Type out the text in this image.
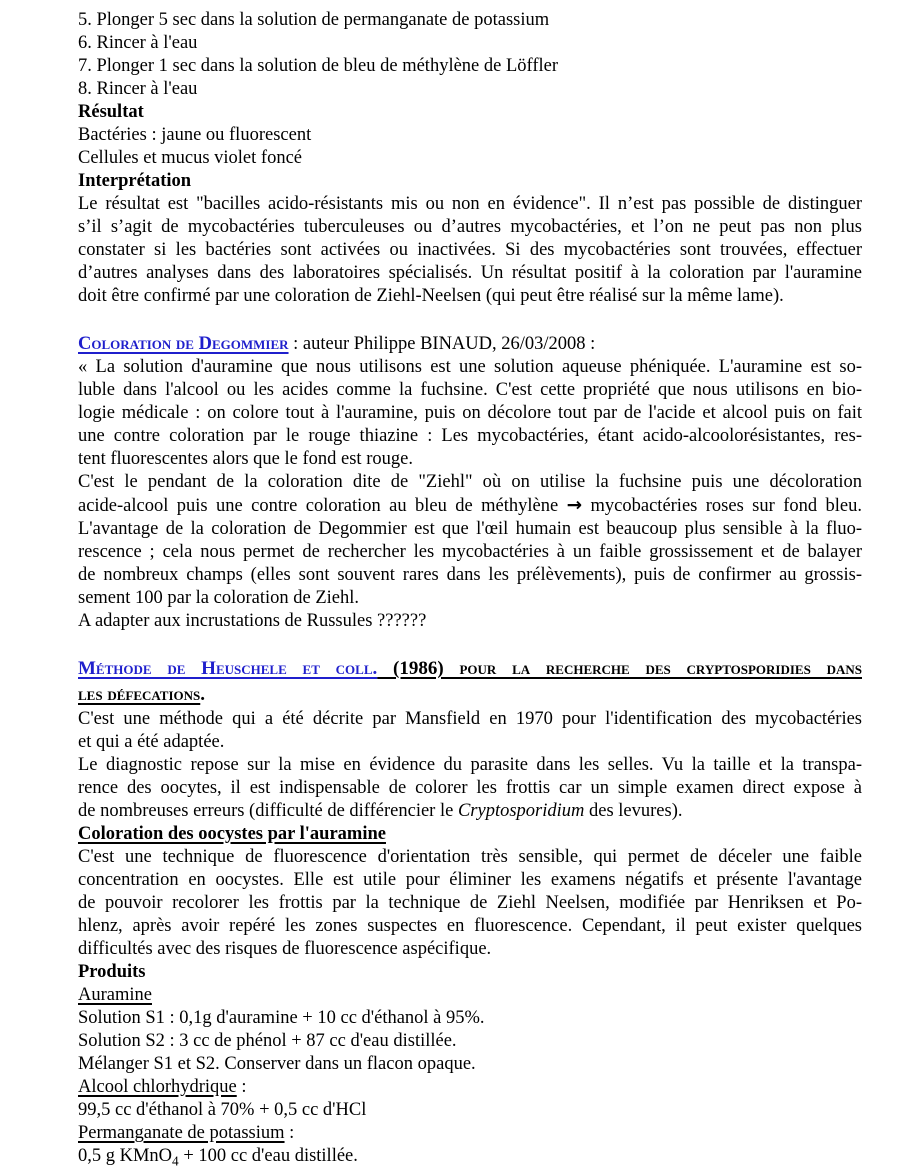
5. Plonger 5 sec dans la solution de permanganate de potassium
6. Rincer à l'eau
7. Plonger 1 sec dans la solution de bleu de méthylène de Löffler
8. Rincer à l'eau
Résultat
Bactéries : jaune ou fluorescent
Cellules et mucus violet foncé
Interprétation
Le résultat est "bacilles acido-résistants mis ou non en évidence". Il n’est pas possible de distinguer
s’il s’agit de mycobactéries tuberculeuses ou d’autres mycobactéries, et l’on ne peut pas non plus
constater si les bactéries sont activées ou inactivées. Si des mycobactéries sont trouvées, effectuer
d’autres analyses dans des laboratoires spécialisés. Un résultat positif à la coloration par l'auramine
doit être confirmé par une coloration de Ziehl-Neelsen (qui peut être réalisé sur la même lame).
Coloration de Degommier : auteur Philippe BINAUD, 26/03/2008 :
« La solution d'auramine que nous utilisons est une solution aqueuse phéniquée. L'auramine est so-
luble dans l'alcool ou les acides comme la fuchsine. C'est cette propriété que nous utilisons en bio-
logie médicale : on colore tout à l'auramine, puis on décolore tout par de l'acide et alcool puis on fait
une contre coloration par le rouge thiazine : Les mycobactéries, étant acido-alcoolorésistantes, res-
tent fluorescentes alors que le fond est rouge.
C'est le pendant de la coloration dite de "Ziehl" où on utilise la fuchsine puis une décoloration
acide-alcool puis une contre coloration au bleu de méthylène → mycobactéries roses sur fond bleu.
L'avantage de la coloration de Degommier est que l'œil humain est beaucoup plus sensible à la fluo-
rescence ; cela nous permet de rechercher les mycobactéries à un faible grossissement et de balayer
de nombreux champs (elles sont souvent rares dans les prélèvements), puis de confirmer au grossis-
sement 100 par la coloration de Ziehl.
A adapter aux incrustations de Russules ??????
Méthode de Heuschele et coll. (1986) pour la recherche des cryptosporidies dans
les défecations.
C'est une méthode qui a été décrite par Mansfield en 1970 pour l'identification des mycobactéries
et qui a été adaptée.
Le diagnostic repose sur la mise en évidence du parasite dans les selles. Vu la taille et la transpa-
rence des oocytes, il est indispensable de colorer les frottis car un simple examen direct expose à
de nombreuses erreurs (difficulté de différencier le Cryptosporidium des levures).
Coloration des oocystes par l'auramine
C'est une technique de fluorescence d'orientation très sensible, qui permet de déceler une faible
concentration en oocystes. Elle est utile pour éliminer les examens négatifs et présente l'avantage
de pouvoir recolorer les frottis par la technique de Ziehl Neelsen, modifiée par Henriksen et Po-
hlenz, après avoir repéré les zones suspectes en fluorescence. Cependant, il peut exister quelques
difficultés avec des risques de fluorescence aspécifique.
Produits
Auramine
Solution S1 : 0,1g d'auramine + 10 cc d'éthanol à 95%.
Solution S2 : 3 cc de phénol + 87 cc d'eau distillée.
Mélanger S1 et S2. Conserver dans un flacon opaque.
Alcool chlorhydrique :
99,5 cc d'éthanol à 70% + 0,5 cc d'HCl
Permanganate de potassium :
0,5 g KMnO$_4$ + 100 cc d'eau distillée.
